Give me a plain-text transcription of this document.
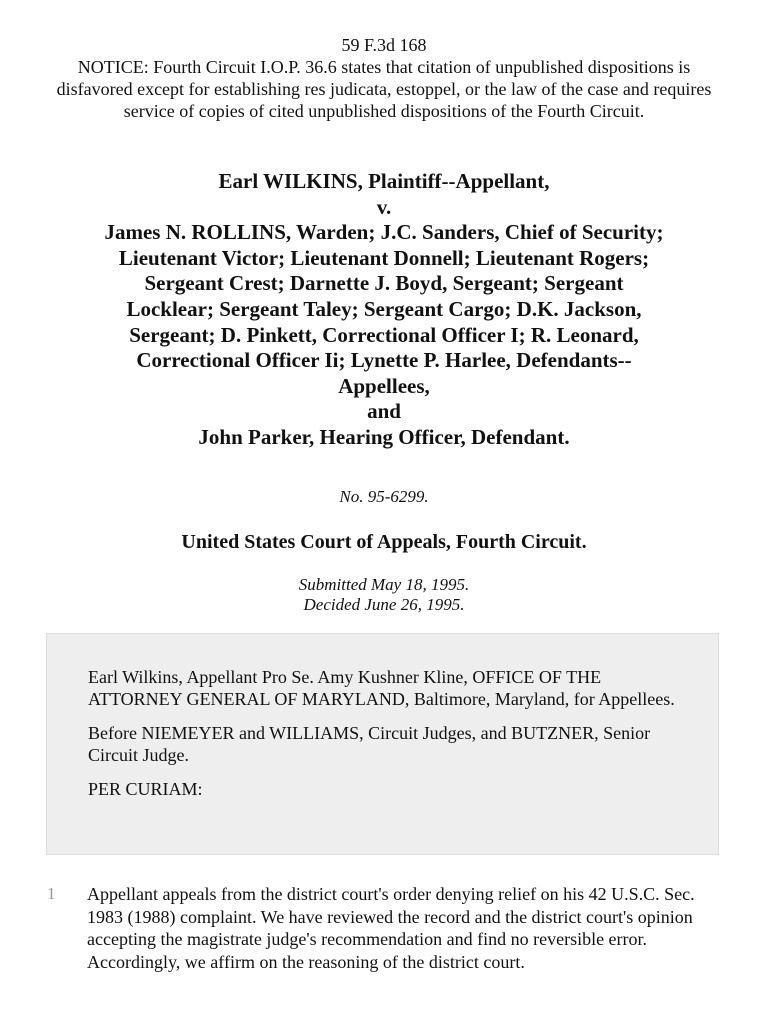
59 F.3d 168
NOTICE: Fourth Circuit I.O.P. 36.6 states that citation of unpublished dispositions is disfavored except for establishing res judicata, estoppel, or the law of the case and requires service of copies of cited unpublished dispositions of the Fourth Circuit.
Earl WILKINS, Plaintiff--Appellant,
v.
James N. ROLLINS, Warden; J.C. Sanders, Chief of Security;
Lieutenant Victor; Lieutenant Donnell; Lieutenant Rogers;
Sergeant Crest; Darnette J. Boyd, Sergeant; Sergeant
Locklear; Sergeant Taley; Sergeant Cargo; D.K. Jackson,
Sergeant; D. Pinkett, Correctional Officer I; R. Leonard,
Correctional Officer Ii; Lynette P. Harlee, Defendants--
Appellees,
and
John Parker, Hearing Officer, Defendant.
No. 95-6299.
United States Court of Appeals, Fourth Circuit.
Submitted May 18, 1995.
Decided June 26, 1995.

Earl Wilkins, Appellant Pro Se. Amy Kushner Kline, OFFICE OF THE ATTORNEY GENERAL OF MARYLAND, Baltimore, Maryland, for Appellees.

Before NIEMEYER and WILLIAMS, Circuit Judges, and BUTZNER, Senior Circuit Judge.

PER CURIAM:

1 Appellant appeals from the district court's order denying relief on his 42 U.S.C. Sec. 1983 (1988) complaint. We have reviewed the record and the district court's opinion accepting the magistrate judge's recommendation and find no reversible error. Accordingly, we affirm on the reasoning of the district court.
